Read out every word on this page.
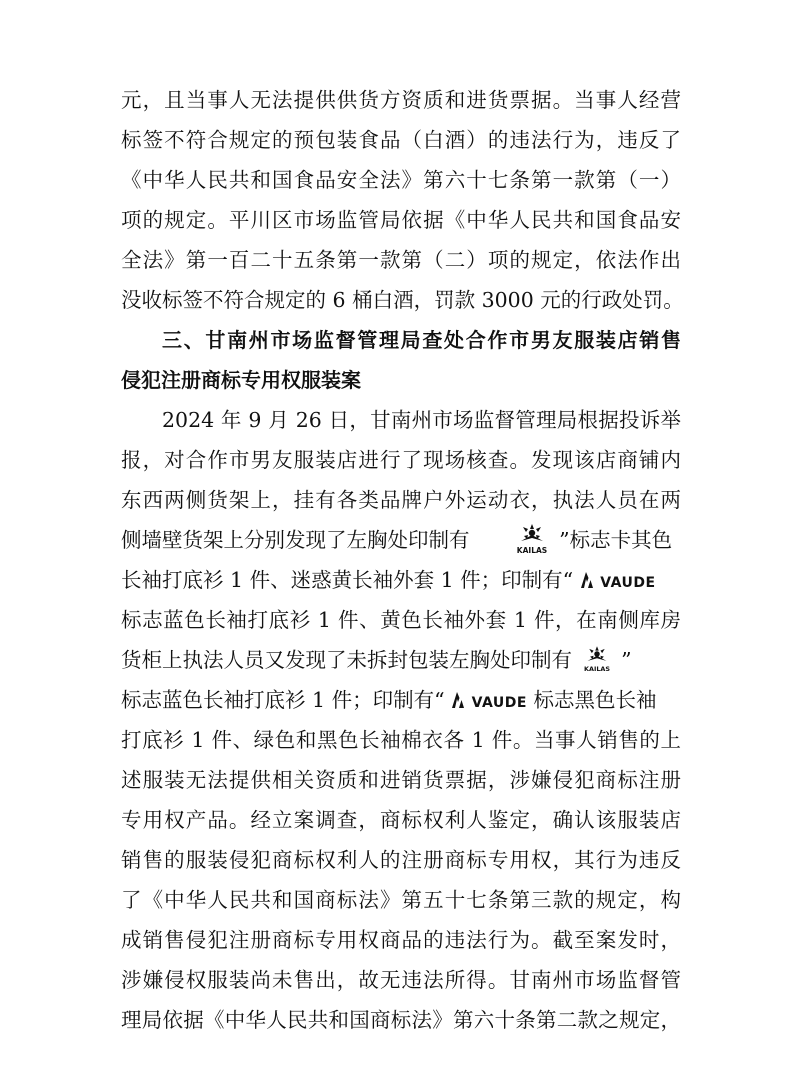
元，且当事人无法提供供货方资质和进货票据。当事人经营
标签不符合规定的预包装食品（白酒）的违法行为，违反了
《中华人民共和国食品安全法》第六十七条第一款第（一）
项的规定。平川区市场监管局依据《中华人民共和国食品安
全法》第一百二十五条第一款第（二）项的规定，依法作出
没收标签不符合规定的 6 桶白酒，罚款 3000 元的行政处罚。
三、甘南州市场监督管理局查处合作市男友服装店销售
侵犯注册商标专用权服装案
2024 年 9 月 26 日，甘南州市场监督管理局根据投诉举
报，对合作市男友服装店进行了现场核查。发现该店商铺内
东西两侧货架上，挂有各类品牌户外运动衣，执法人员在两
侧墙壁货架上分别发现了左胸处印制有	KAILAS ”标志卡其色
长袖打底衫 1 件、迷惑黄长袖外套 1 件；印制有“ VAUDE
标志蓝色长袖打底衫 1 件、黄色长袖外套 1 件，在南侧库房
货柜上执法人员又发现了未拆封包装左胸处印制有 KAILAS ”
标志蓝色长袖打底衫 1 件；印制有“ VAUDE 标志黑色长袖
打底衫 1 件、绿色和黑色长袖棉衣各 1 件。当事人销售的上
述服装无法提供相关资质和进销货票据，涉嫌侵犯商标注册
专用权产品。经立案调查，商标权利人鉴定，确认该服装店
销售的服装侵犯商标权利人的注册商标专用权，其行为违反
了《中华人民共和国商标法》第五十七条第三款的规定，构
成销售侵犯注册商标专用权商品的违法行为。截至案发时，
涉嫌侵权服装尚未售出，故无违法所得。甘南州市场监督管
理局依据《中华人民共和国商标法》第六十条第二款之规定，
